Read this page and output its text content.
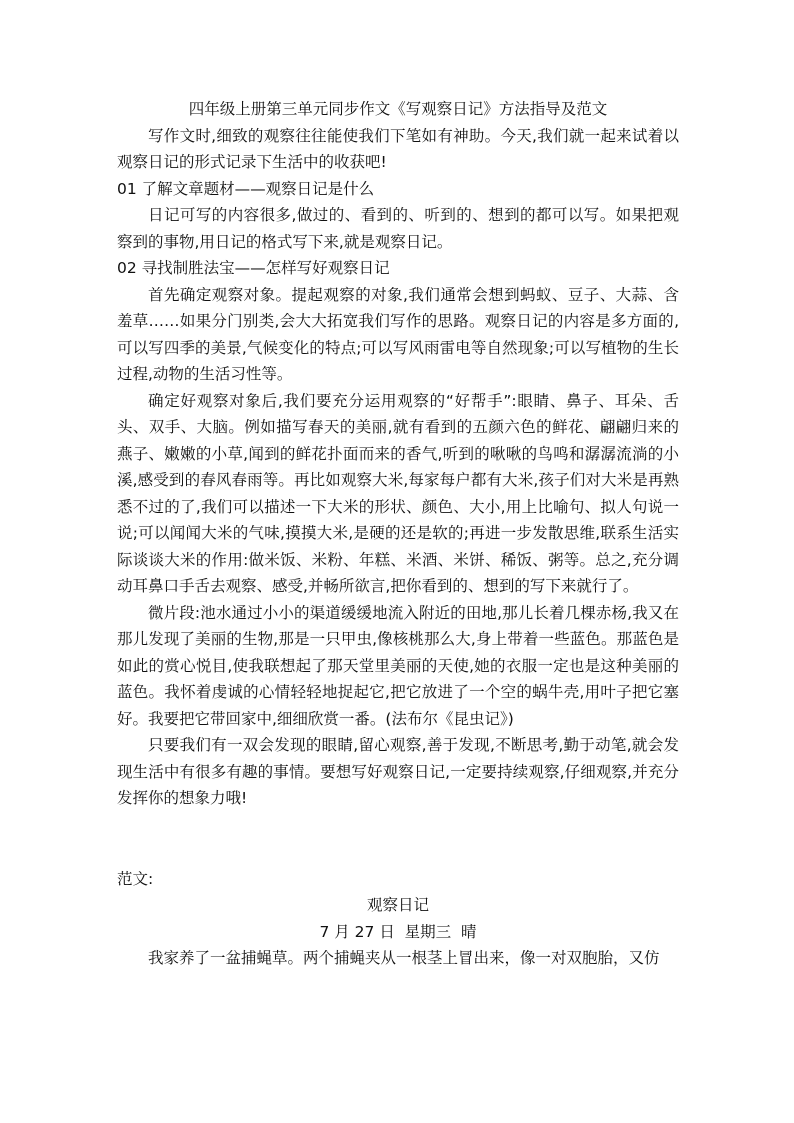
四年级上册第三单元同步作文《写观察日记》方法指导及范文

写作文时,细致的观察往往能使我们下笔如有神助。今天,我们就一起来试着以观察日记的形式记录下生活中的收获吧!

01 了解文章题材——观察日记是什么

日记可写的内容很多,做过的、看到的、听到的、想到的都可以写。如果把观察到的事物,用日记的格式写下来,就是观察日记。

02 寻找制胜法宝——怎样写好观察日记

首先确定观察对象。提起观察的对象,我们通常会想到蚂蚁、豆子、大蒜、含羞草……如果分门别类,会大大拓宽我们写作的思路。观察日记的内容是多方面的,可以写四季的美景,气候变化的特点;可以写风雨雷电等自然现象;可以写植物的生长过程,动物的生活习性等。

确定好观察对象后,我们要充分运用观察的“好帮手”:眼睛、鼻子、耳朵、舌头、双手、大脑。例如描写春天的美丽,就有看到的五颜六色的鲜花、翩翩归来的燕子、嫩嫩的小草,闻到的鲜花扑面而来的香气,听到的啾啾的鸟鸣和潺潺流淌的小溪,感受到的春风春雨等。再比如观察大米,每家每户都有大米,孩子们对大米是再熟悉不过的了,我们可以描述一下大米的形状、颜色、大小,用上比喻句、拟人句说一说;可以闻闻大米的气味,摸摸大米,是硬的还是软的;再进一步发散思维,联系生活实际谈谈大米的作用:做米饭、米粉、年糕、米酒、米饼、稀饭、粥等。总之,充分调动耳鼻口手舌去观察、感受,并畅所欲言,把你看到的、想到的写下来就行了。

微片段:池水通过小小的渠道缓缓地流入附近的田地,那儿长着几棵赤杨,我又在那儿发现了美丽的生物,那是一只甲虫,像核桃那么大,身上带着一些蓝色。那蓝色是如此的赏心悦目,使我联想起了那天堂里美丽的天使,她的衣服一定也是这种美丽的蓝色。我怀着虔诚的心情轻轻地捉起它,把它放进了一个空的蜗牛壳,用叶子把它塞好。我要把它带回家中,细细欣赏一番。(法布尔《昆虫记》)

只要我们有一双会发现的眼睛,留心观察,善于发现,不断思考,勤于动笔,就会发现生活中有很多有趣的事情。要想写好观察日记,一定要持续观察,仔细观察,并充分发挥你的想象力哦!

范文:

观察日记

7 月 27 日  星期三  晴

我家养了一盆捕蝇草。两个捕蝇夹从一根茎上冒出来，像一对双胞胎，又仿
